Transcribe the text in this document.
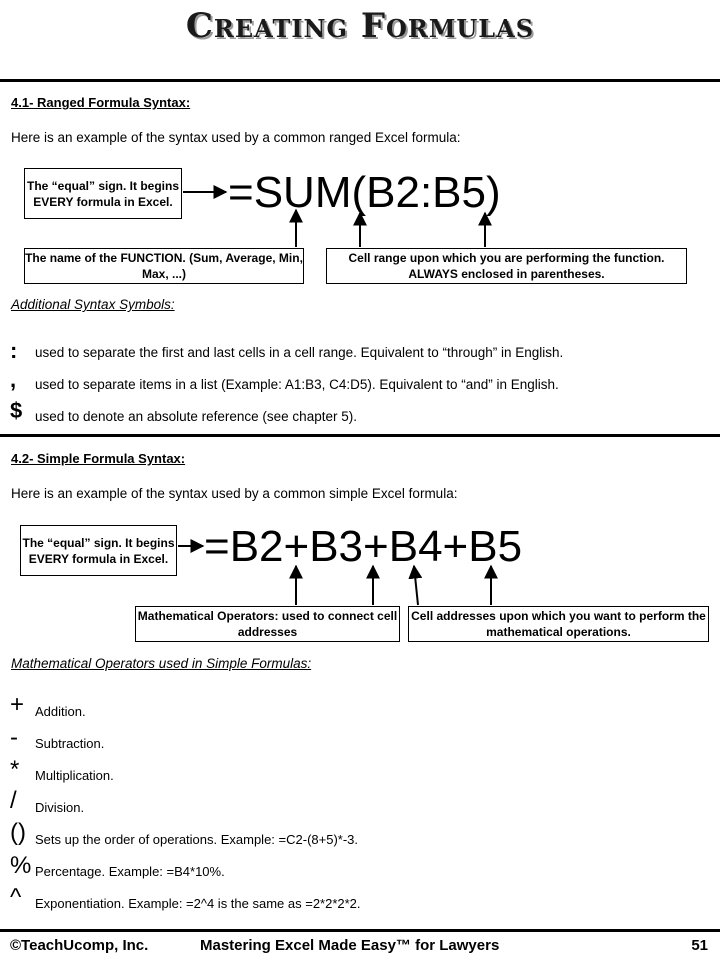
Creating Formulas
4.1- Ranged Formula Syntax:
Here is an example of the syntax used by a common ranged Excel formula:
The “equal” sign. It begins EVERY formula in Excel. =SUM(B2:B5)
The name of the FUNCTION. (Sum, Average, Min, Max, ...)
Cell range upon which you are performing the function. ALWAYS enclosed in parentheses.
Additional Syntax Symbols:
:	used to separate the first and last cells in a cell range. Equivalent to “through” in English.
,	used to separate items in a list (Example: A1:B3, C4:D5). Equivalent to “and” in English.
$ used to denote an absolute reference (see chapter 5).
4.2- Simple Formula Syntax:
Here is an example of the syntax used by a common simple Excel formula:
The “equal” sign. It begins EVERY formula in Excel. =B2+B3+B4+B5
Mathematical Operators: used to connect cell addresses
Cell addresses upon which you want to perform the mathematical operations.
Mathematical Operators used in Simple Formulas:
+ Addition.
-	Subtraction.
*	Multiplication.
/	Division.
() Sets up the order of operations. Example: =C2-(8+5)*-3.
% Percentage. Example: =B4*10%.
^	Exponentiation. Example: =2^4 is the same as =2*2*2*2.
©TeachUcomp, Inc.	Mastering Excel Made Easy™ for Lawyers	51
